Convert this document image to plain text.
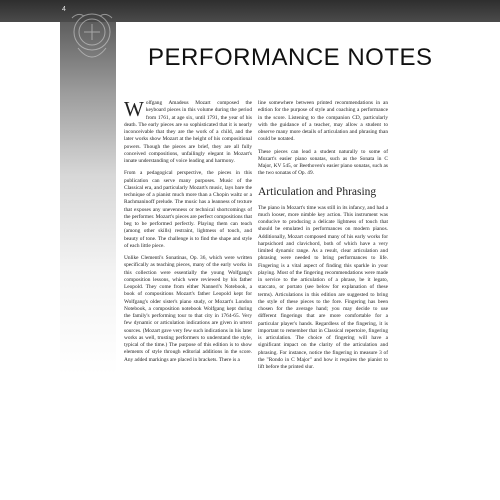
4
PERFORMANCE NOTES

Wolfgang Amadeus Mozart composed the keyboard pieces in this volume during the period from 1761, at age six, until 1791, the year of his death. The early pieces are so sophisticated that it is nearly inconceivable that they are the work of a child, and the later works show Mozart at the height of his compositional powers. Though the pieces are brief, they are all fully conceived compositions, unfailingly elegant in Mozart's innate understanding of voice leading and harmony.

From a pedagogical perspective, the pieces in this publication can serve many purposes. Music of the Classical era, and particularly Mozart's music, lays bare the technique of a pianist much more than a Chopin waltz or a Rachmaninoff prelude. The music has a leanness of texture that exposes any unevenness or technical shortcomings of the performer. Mozart's pieces are perfect compositions that beg to be performed perfectly. Playing them can teach (among other skills) restraint, lightness of touch, and beauty of tone. The challenge is to find the shape and style of each little piece.

Unlike Clementi's Sonatinas, Op. 36, which were written specifically as teaching pieces, many of the early works in this collection were essentially the young Wolfgang's composition lessons, which were reviewed by his father Leopold. They come from either Nannerl's Notebook, a book of compositions Mozart's father Leopold kept for Wolfgang's older sister's piano study, or Mozart's London Notebook, a composition notebook Wolfgang kept during the family's performing tour to that city in 1764-65. Very few dynamic or articulation indications are given in urtext sources. (Mozart gave very few such indications in his later works as well, trusting performers to understand the style, typical of the time.) The purpose of this edition is to show elements of style through editorial additions in the score. Any added markings are placed in brackets. There is a

line somewhere between printed recommendations in an edition for the purpose of style and coaching a performance in the score. Listening to the companion CD, particularly with the guidance of a teacher, may allow a student to observe many more details of articulation and phrasing than could be notated.

These pieces can lead a student naturally to some of Mozart's easier piano sonatas, such as the Sonata in C Major, KV 545, or Beethoven's easier piano sonatas, such as the two sonatas of Op. 49.

Articulation and Phrasing

The piano in Mozart's time was still in its infancy, and had a much looser, more nimble key action. This instrument was conducive to producing a delicate lightness of touch that should be emulated in performances on modern pianos. Additionally, Mozart composed many of his early works for harpsichord and clavichord, both of which have a very limited dynamic range. As a result, clear articulation and phrasing were needed to bring performances to life. Fingering is a vital aspect of finding this sparkle in your playing. Most of the fingering recommendations were made in service to the articulation of a phrase, be it legato, staccato, or portato (see below for explanation of these terms). Articulations in this edition are suggested to bring the style of these pieces to the fore. Fingering has been chosen for the average hand; you may decide to use different fingerings that are more comfortable for a particular player's hands. Regardless of the fingering, it is important to remember that in Classical repertoire, fingering is articulation. The choice of fingering will have a significant impact on the clarity of the articulation and phrasing. For instance, notice the fingering in measure 3 of the "Rondo in C Major" and how it requires the pianist to lift before the printed slur.
